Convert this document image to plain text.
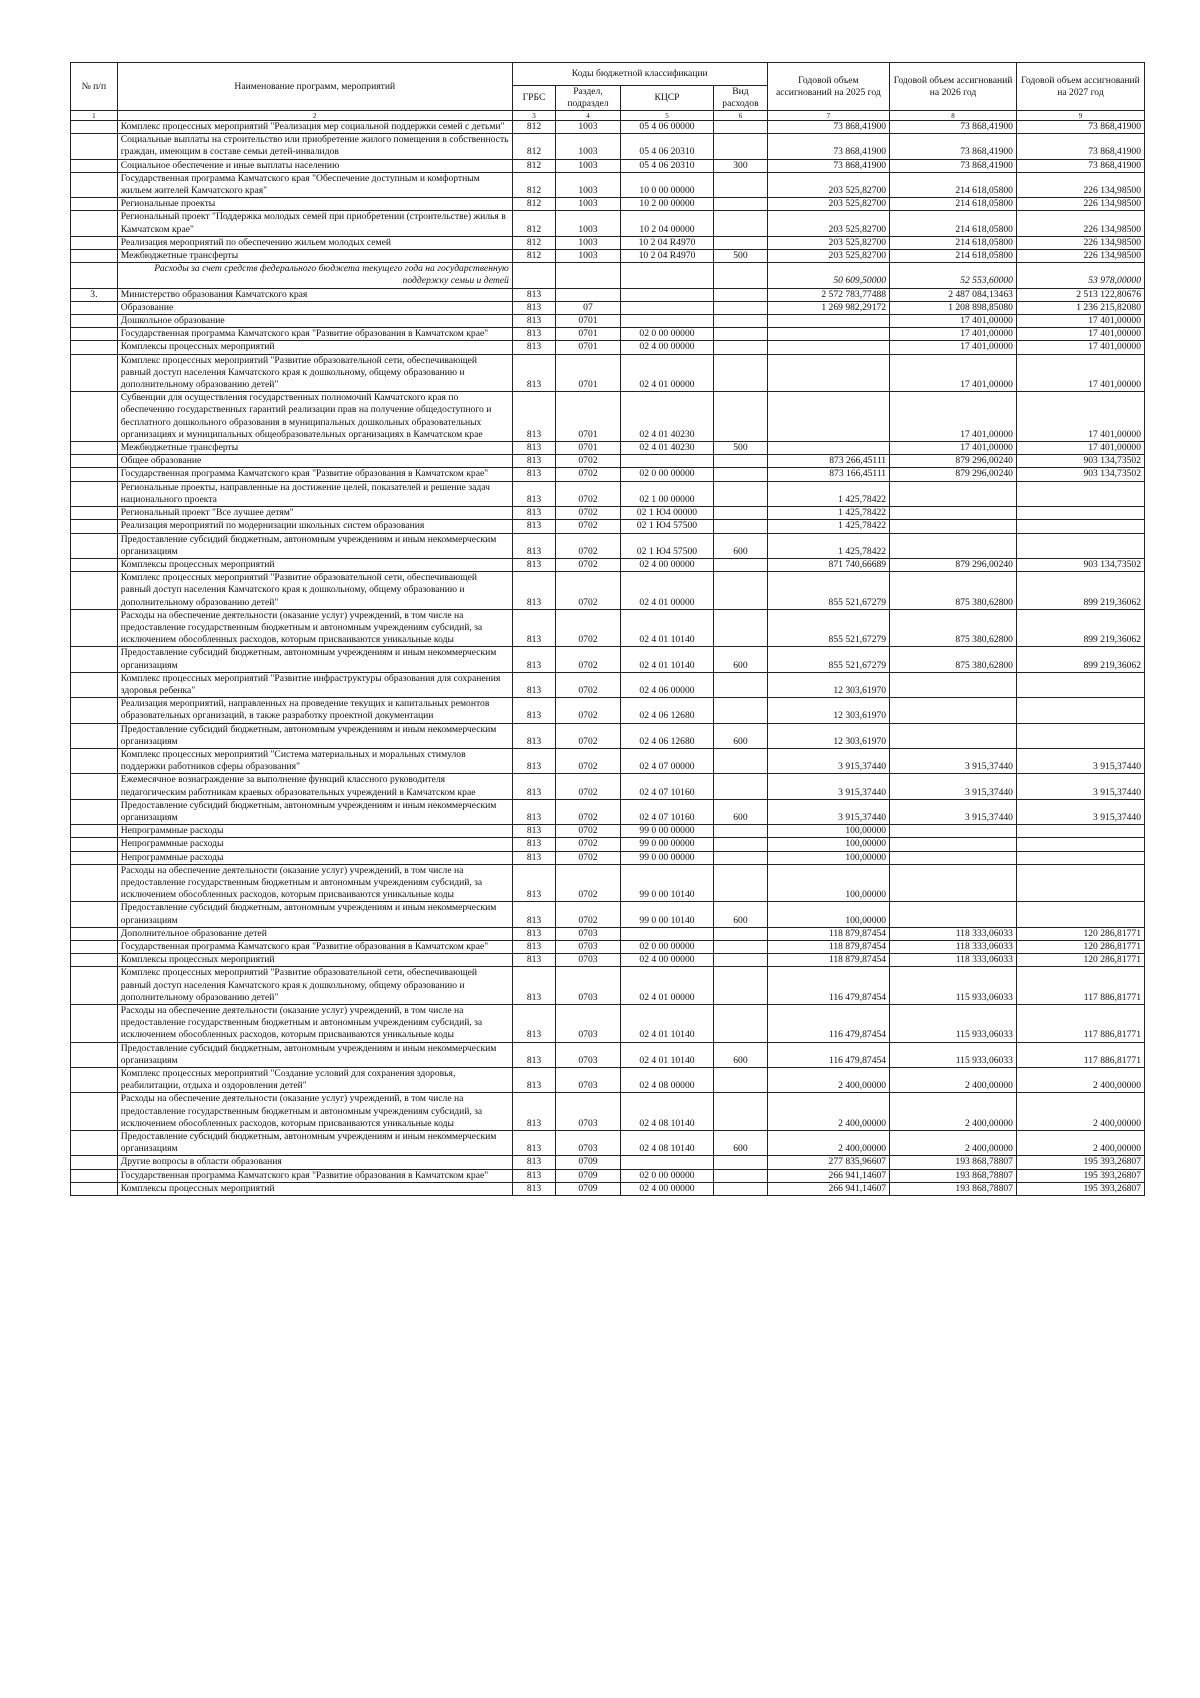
№ п/п	Наименование программ, мероприятий	Коды бюджетной классификации				Годовой объем ассигнований на 2025 год	Годовой объем ассигнований на 2026 год	Годовой объем ассигнований на 2027 год
		ГРБС	Раздел, подраздел	КЦСР	Вид расходов			
1	2	3	4	5	6	7	8	9
	Комплекс процессных мероприятий "Реализация мер социальной поддержки семей с детьми"	812	1003	05 4 06 00000		73 868,41900	73 868,41900	73 868,41900
	Социальные выплаты на строительство или приобретение жилого помещения в собственность граждан, имеющим в составе семьи детей-инвалидов	812	1003	05 4 06 20310		73 868,41900	73 868,41900	73 868,41900
	Социальное обеспечение и иные выплаты населению	812	1003	05 4 06 20310	300	73 868,41900	73 868,41900	73 868,41900
	Государственная программа Камчатского края "Обеспечение доступным и комфортным жильем жителей Камчатского края"	812	1003	10 0 00 00000		203 525,82700	214 618,05800	226 134,98500
	Региональные проекты	812	1003	10 2 00 00000		203 525,82700	214 618,05800	226 134,98500
	Региональный проект "Поддержка молодых семей при приобретении (строительстве) жилья в Камчатском крае"	812	1003	10 2 04 00000		203 525,82700	214 618,05800	226 134,98500
	Реализация мероприятий по обеспечению жильем молодых семей	812	1003	10 2 04 R4970		203 525,82700	214 618,05800	226 134,98500
	Межбюджетные трансферты	812	1003	10 2 04 R4970	500	203 525,82700	214 618,05800	226 134,98500
	Расходы за счет средств федерального бюджета текущего года на государственную поддержку семьи и детей					50 609,50000	52 553,60000	53 978,00000
3.	Министерство образования Камчатского края	813				2 572 783,77488	2 487 084,13463	2 513 122,80676
	Образование	813	07			1 269 982,29172	1 208 898,85080	1 236 215,82080
	Дошкольное образование	813	0701				17 401,00000	17 401,00000
	Государственная программа Камчатского края "Развитие образования в Камчатском крае"	813	0701	02 0 00 00000			17 401,00000	17 401,00000
	Комплексы процессных мероприятий	813	0701	02 4 00 00000			17 401,00000	17 401,00000
	Комплекс процессных мероприятий "Развитие образовательной сети, обеспечивающей равный доступ населения Камчатского края к дошкольному, общему образованию и дополнительному образованию детей"	813	0701	02 4 01 00000			17 401,00000	17 401,00000
	Субвенции для осуществления государственных полномочий Камчатского края по обеспечению государственных гарантий реализации прав на получение общедоступного и бесплатного дошкольного образования в муниципальных дошкольных образовательных организациях и муниципальных общеобразовательных организациях в Камчатском крае	813	0701	02 4 01 40230			17 401,00000	17 401,00000
	Межбюджетные трансферты	813	0701	02 4 01 40230	500		17 401,00000	17 401,00000
	Общее образование	813	0702			873 266,45111	879 296,00240	903 134,73502
	Государственная программа Камчатского края "Развитие образования в Камчатском крае"	813	0702	02 0 00 00000		873 166,45111	879 296,00240	903 134,73502
	Региональные проекты, направленные на достижение целей, показателей и решение задач национального проекта	813	0702	02 1 00 00000		1 425,78422		
	Региональный проект "Все лучшее детям"	813	0702	02 1 Ю4 00000		1 425,78422		
	Реализация мероприятий по модернизации школьных систем образования	813	0702	02 1 Ю4 57500		1 425,78422		
	Предоставление субсидий бюджетным, автономным учреждениям и иным некоммерческим организациям	813	0702	02 1 Ю4 57500	600	1 425,78422		
	Комплексы процессных мероприятий	813	0702	02 4 00 00000		871 740,66689	879 296,00240	903 134,73502
	Комплекс процессных мероприятий "Развитие образовательной сети, обеспечивающей равный доступ населения Камчатского края к дошкольному, общему образованию и дополнительному образованию детей"	813	0702	02 4 01 00000		855 521,67279	875 380,62800	899 219,36062
	Расходы на обеспечение деятельности (оказание услуг) учреждений, в том числе на предоставление государственным бюджетным и автономным учреждениям субсидий, за исключением обособленных расходов, которым присваиваются уникальные коды	813	0702	02 4 01 10140		855 521,67279	875 380,62800	899 219,36062
	Предоставление субсидий бюджетным, автономным учреждениям и иным некоммерческим организациям	813	0702	02 4 01 10140	600	855 521,67279	875 380,62800	899 219,36062
	Комплекс процессных мероприятий "Развитие инфраструктуры образования для сохранения здоровья ребенка"	813	0702	02 4 06 00000		12 303,61970		
	Реализация мероприятий, направленных на проведение текущих и капитальных ремонтов образовательных организаций, в также разработку проектной документации	813	0702	02 4 06 12680		12 303,61970		
	Предоставление субсидий бюджетным, автономным учреждениям и иным некоммерческим организациям	813	0702	02 4 06 12680	600	12 303,61970		
	Комплекс процессных мероприятий "Система материальных и моральных стимулов поддержки работников сферы образования"	813	0702	02 4 07 00000		3 915,37440	3 915,37440	3 915,37440
	Ежемесячное вознаграждение за выполнение функций классного руководителя педагогическим работникам краевых образовательных учреждений в Камчатском крае	813	0702	02 4 07 10160		3 915,37440	3 915,37440	3 915,37440
	Предоставление субсидий бюджетным, автономным учреждениям и иным некоммерческим организациям	813	0702	02 4 07 10160	600	3 915,37440	3 915,37440	3 915,37440
	Непрограммные расходы	813	0702	99 0 00 00000		100,00000		
	Непрограммные расходы	813	0702	99 0 00 00000		100,00000		
	Непрограммные расходы	813	0702	99 0 00 00000		100,00000		
	Расходы на обеспечение деятельности (оказание услуг) учреждений, в том числе на предоставление государственным бюджетным и автономным учреждениям субсидий, за исключением обособленных расходов, которым присваиваются уникальные коды	813	0702	99 0 00 10140		100,00000		
	Предоставление субсидий бюджетным, автономным учреждениям и иным некоммерческим организациям	813	0702	99 0 00 10140	600	100,00000		
	Дополнительное образование детей	813	0703			118 879,87454	118 333,06033	120 286,81771
	Государственная программа Камчатского края "Развитие образования в Камчатском крае"	813	0703	02 0 00 00000		118 879,87454	118 333,06033	120 286,81771
	Комплексы процессных мероприятий	813	0703	02 4 00 00000		118 879,87454	118 333,06033	120 286,81771
	Комплекс процессных мероприятий "Развитие образовательной сети, обеспечивающей равный доступ населения Камчатского края к дошкольному, общему образованию и дополнительному образованию детей"	813	0703	02 4 01 00000		116 479,87454	115 933,06033	117 886,81771
	Расходы на обеспечение деятельности (оказание услуг) учреждений, в том числе на предоставление государственным бюджетным и автономным учреждениям субсидий, за исключением обособленных расходов, которым присваиваются уникальные коды	813	0703	02 4 01 10140		116 479,87454	115 933,06033	117 886,81771
	Предоставление субсидий бюджетным, автономным учреждениям и иным некоммерческим организациям	813	0703	02 4 01 10140	600	116 479,87454	115 933,06033	117 886,81771
	Комплекс процессных мероприятий "Создание условий для сохранения здоровья, реабилитации, отдыха и оздоровления детей"	813	0703	02 4 08 00000		2 400,00000	2 400,00000	2 400,00000
	Расходы на обеспечение деятельности (оказание услуг) учреждений, в том числе на предоставление государственным бюджетным и автономным учреждениям субсидий, за исключением обособленных расходов, которым присваиваются уникальные коды	813	0703	02 4 08 10140		2 400,00000	2 400,00000	2 400,00000
	Предоставление субсидий бюджетным, автономным учреждениям и иным некоммерческим организациям	813	0703	02 4 08 10140	600	2 400,00000	2 400,00000	2 400,00000
	Другие вопросы в области образования	813	0709			277 835,96607	193 868,78807	195 393,26807
	Государственная программа Камчатского края "Развитие образования в Камчатском крае"	813	0709	02 0 00 00000		266 941,14607	193 868,78807	195 393,26807
	Комплексы процессных мероприятий	813	0709	02 4 00 00000		266 941,14607	193 868,78807	195 393,26807
